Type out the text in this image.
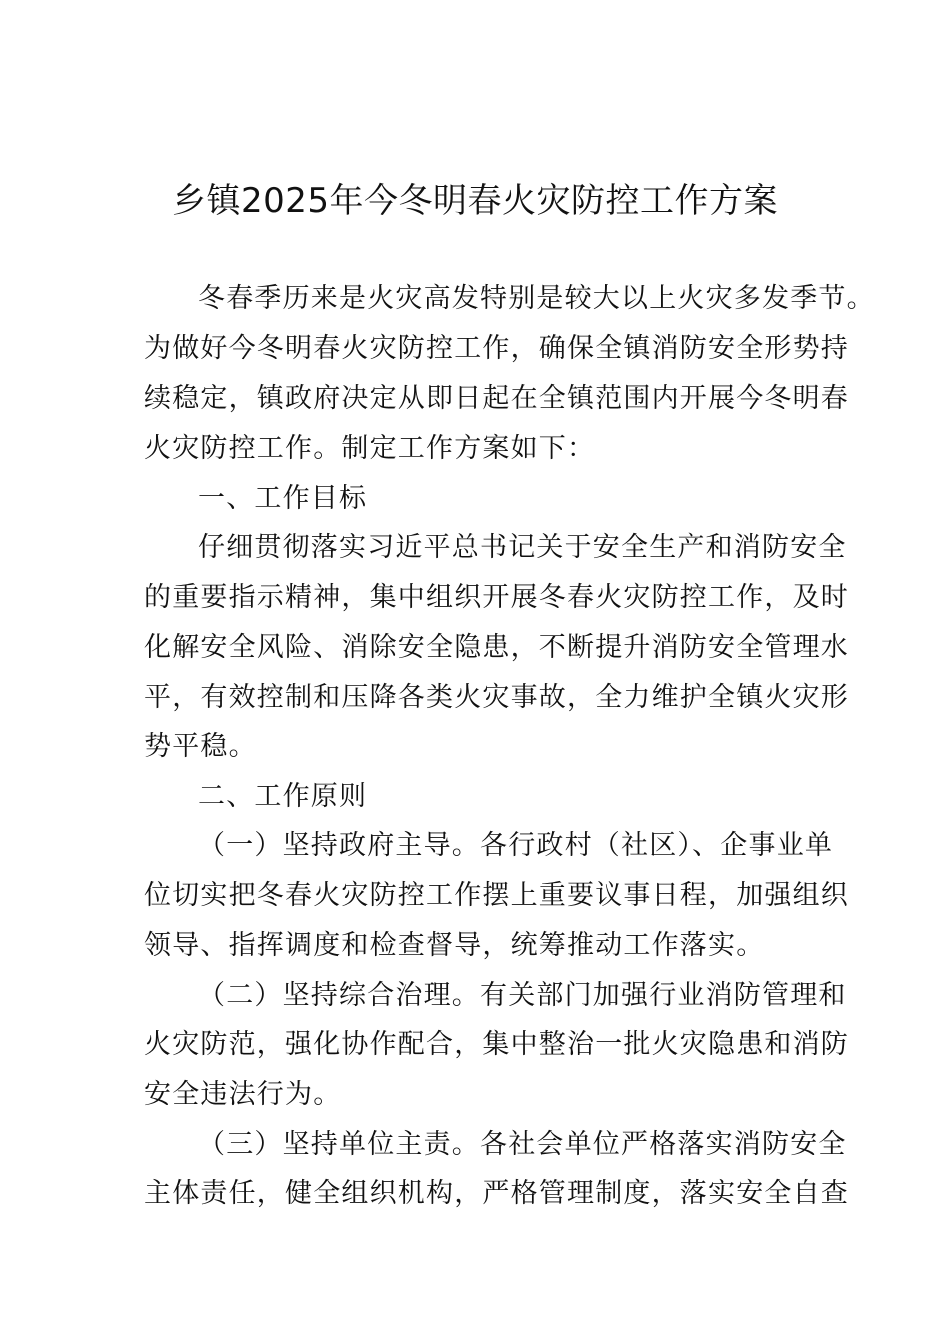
乡镇2025年今冬明春火灾防控工作方案
冬春季历来是火灾高发特别是较大以上火灾多发季节。
为做好今冬明春火灾防控工作，确保全镇消防安全形势持
续稳定，镇政府决定从即日起在全镇范围内开展今冬明春
火灾防控工作。制定工作方案如下：
一、工作目标
仔细贯彻落实习近平总书记关于安全生产和消防安全
的重要指示精神，集中组织开展冬春火灾防控工作，及时
化解安全风险、消除安全隐患，不断提升消防安全管理水
平，有效控制和压降各类火灾事故，全力维护全镇火灾形
势平稳。
二、工作原则
（一）坚持政府主导。各行政村（社区）、企事业单
位切实把冬春火灾防控工作摆上重要议事日程，加强组织
领导、指挥调度和检查督导，统筹推动工作落实。
（二）坚持综合治理。有关部门加强行业消防管理和
火灾防范，强化协作配合，集中整治一批火灾隐患和消防
安全违法行为。
（三）坚持单位主责。各社会单位严格落实消防安全
主体责任，健全组织机构，严格管理制度，落实安全自查
